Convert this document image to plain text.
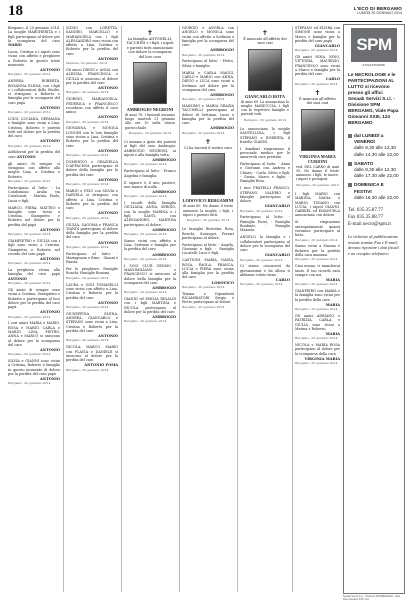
18	L'ECO DI BERGAMO
LUNEDÌ 20 GENNAIO 2014
Bergamo, il 20 gennaio 2014. La moglie MARGHERITA e i figli partecipano al dolore per la scomparsa del caro MARIO
Lucia, Cristina e i nipoti sono vicini con affetto e preghiere a Roberto in questo triste momento.
ANTONIO
Bergamo, 20 gennaio 2014
ANDREA ROBERTA, ROSANNA ELENA, con i figli e i collaboratori dello Studio, si stringono a Roberto e famiglia per la scomparsa del caro papà
ANTONIO
Bergamo, 20 gennaio 2014
LUIGI, LUCIANA, GERMANA e famiglie sono vicini a Lina, Cristina, Roberto e parenti tutti nel dolore per la perdita del caro
ANTONIO
Bergamo, 20 gennaio 2014
Addolorati per la perdita del caro ANTONIO
gli amici di sempre si stringono con affetto alla moglie Lina, a Cristina e Roberto.
Bergamo, 20 gennaio 2014
Partecipano al lutto: - La Condominio Aralia via Cavalcanti; - Marina, Paolo, Lucia e figli.
MARCO, PIERA, MATTEO e famiglie sono vicini a Cristina, Giampietro e Roberto nel dolore per la perdita del papà
ANTONIO
Bergamo, 20 gennaio 2014
GIAMPIETRO e GIULIA con i figli sono vicini a Cristina, Giampietro e Roberto nel ricordo del caro papà
ANTONIO
Bergamo, 20 gennaio 2014
La preghiera vicina alla famiglia del caro papà ANTONIO
Bergamo, 20 gennaio 2014
Gli amici di sempre sono vicini a Cristina, Giampietro e Roberto e partecipano al loro dolore per la perdita del caro papà
ANTONIO
Bergamo, 20 gennaio 2014
I cari amici MARIA e MARIO, ROSA e MARIO, CARLA e MARIO, LINA, PIETRO, ANNA e MARCO si uniscono al dolore per la scomparsa del caro
ANTONIO
Bergamo, 20 gennaio 2014
SILVIA e GIANNI sono vicini a Cristina, Roberto e famiglie in questo momento di dolore per la perdita del caro papà
ANTONIO
Bergamo, 20 gennaio 2014
SILVIO con LORETTA, SANDRO, MARCELLO e MARIANGELA con i figli ALESSANDRO sono vicini con affetto a Lina, Cristina e Roberto per la perdita del caro
ANTONIO
Madone, 20 gennaio 2014
Gli amici DIEGO e ANNA con ALESSIA, FRANCESCA e GIULIA si uniscono al dolore per la perdita del caro
ANTONIO
Bergamo, 20 gennaio 2014
GIORGIO, MARIANGELA, FEDERICA e FRANCESCO ricordano con affetto il caro amico
ANTONIO
Bergamo, 20 gennaio 2014
GIOVANNA e MONICA LONGHI con le loro famiglie sono vicine a Lina, Cristina e Roberto per la perdita del caro
ANTONIO
Bergamo, 20 gennaio 2014
DOMENICO e GRAZIELLA D'AFFACENA partecipano al dolore della famiglia per la perdita del caro
ANTONIO
Bergamo, 20 gennaio 2014
MARIO e FELY con SILVIA e DANIELA si stringono con affetto a Lina, Cristina e Roberto per la perdita del caro
ANTONIO
Bergamo, 20 gennaio 2014
GIULIA, SAGOMA e FRANCA TIANDI partecipano al dolore della famiglia per la perdita del caro
ANTONIO
Bergamo, 20 gennaio 2014
Partecipano al lutto: - Mariagrazia e Rino; - Gianni e Fausta.
Per le preghiere: Famiglie Ronchi; Famiglie Bonomi.
Bergamo, 20 gennaio 2014
LAURA e GIGI TOMASELLI sono vicini con affetto a Lina, Cristina e Roberto per la perdita del caro
ANTONIO
Bergamo, 20 gennaio 2014
GIUSEPPINA ELENA, ANDREA, GIANCARLO e STEFANO sono vicini a Lina, Cristina e Roberto per la perdita del caro
ANTONIO
Bergamo, 20 gennaio 2014
NICOLA, MARCO, MARIO con FLAVIA e DANIELE si uniscono al dolore per la perdita del caro
ANTONIO FOMA
Bergamo, 20 gennaio 2014
✝
La famiglia ANTONELLI, TACCHINI e i figli, i nipoti e parenti tutti annunciano con dolore la scomparsa del loro caro
AMBROGIO NEGRONI
di anni 78. I funerali avranno luogo martedì 21 gennaio alle ore 10 nella chiesa parrocchiale.
Bergamo, 20 gennaio 2014
Ci uniamo a gioia dei parenti ai figli del caro Ambrogio: AMBROGIO NEGRONI, ai nipoti e alla famiglia tutta.
AMBROGIO
Bergamo, 20 gennaio 2014
Partecipano al lutto: - Franco Angelini e famiglia.
Il signore è il mio pastore, non manco di nulla.
AMBROGIO
Bergamo, 20 gennaio 2014
I ricordi della famiglia GIULIANA, ANNA, SERGIO, con la moglie MARINA e i figli SANTI, con ALESSANDRO, MARTINA partecipano al dolore.
AMBROGIO
Bergamo, 20 gennaio 2014
Siamo vicini con affetto a Lina, Settimia e famiglia per la perdita del caro
AMBROGIO
Bergamo, 20 gennaio 2014
I SOCI CLUB GROMO - MASSIMILIANO e FRANCESCO si uniscono al dolore della famiglia per la scomparsa del caro
AMBROGIO
Bergamo, 20 gennaio 2014
GIANNI ed EMILIA RINALDI con i figli MARTINA e NICOLA partecipano al dolore per la perdita del caro
AMBROGIO
Bergamo, 20 gennaio 2014
GIORGIO e ANGELA con ANGELO e MONICA sono vicini con affetto a Settimia e famiglia per la scomparsa del caro
AMBROGIO
Bergamo, 20 gennaio 2014
Partecipano al lutto: - Pietro, Silvia e famiglie.
MARIA e CARLA MAGGI, CARLO e MARIO con ANNA, DIEGO e LUCA sono vicini a Settimia nel dolore per la scomparsa del caro
AMBROGIO
Bergamo, 20 gennaio 2014
MASSIMO e MARIA GRAZIA TACCHELLI partecipano al dolore di Settimia, Lucio e famiglia per la perdita del caro
AMBROGIO
Bergamo, 20 gennaio 2014
✝
Ci ha lasciati il nostro caro
LODOVICO BERGAMINI
di anni 80. Ne danno il triste annuncio la moglie, i figli, i nipoti e parenti tutti.
Bergamo, 20 gennaio 2014
Le famiglie Bertolini, Rota, Ronchi, Sonzogni, Ferrari partecipano al dolore.
Partecipano al lutto: - Angela, Giovanni e figli; - Famiglia Locatelli, Luca e figli.
CASTIONI, MARIA, NADIA, ROSA, PAOLA, FRANCA, LUCIA e PIERA sono vicine alla famiglia per la perdita del caro
LODOVICO
Bergamo, 20 gennaio 2014
Tiziana e Dipendenti RICAMBIATORI Sergio e Pietro partecipano al dolore.
Bergamo, 20 gennaio 2014
✝
È mancato all'affetto dei suoi cari
GIANCARLO ROTA
di anni 69. Lo annunciano la moglie MARIUCCIA, i figli con le rispettive famiglie e parenti tutti.
Bergamo, 20 gennaio 2014
Lo annunciano la moglie SANTELLINA, i figli STEFANO e ROBERTA, il fratello GIANNI.
I familiari ringraziano il personale medico per le amorevoli cure prestate.
Partecipano al lutto: - Anna e Giovanni con Andrea e Chiara; - Carla, Silvio e figli; - Cinzia, Marco e figlie; - Famiglie Rota.
I tuoi FRATELLI FRANCO, STEFANO, VALERIO e famiglie partecipano al dolore.
GIANCARLO
Bergamo, 20 gennaio 2014
Partecipano al lutto: - Famiglia Pozzi; - Famiglia Bonfanti; - Famiglia Mazzola.
ANGELO, la famiglia e i collaboratori partecipano al dolore per la scomparsa del caro
GIANCARLO
Bergamo, 20 gennaio 2014
Ci siamo conosciuti da giovanissimi e da allora ti abbiamo voluto bene.
CARLO
Bergamo, 20 gennaio 2014
STEFANO ed ELVIRA con SIMONE sono vicini a Marco e famiglia per la perdita del caro papà
GIANCARLO
Bergamo, 20 gennaio 2014
Gli amici NINA, NINO, VITTORIA, MAURIZIO, FRANCESCO sono vicini a Marco e famiglia per la perdita del caro
CARLO
Bergamo, 20 gennaio 2014
✝
È mancata all'affetto dei suoi cari
VIRGINIA MARIA CURIONI
ved. DEL CARRO di anni 95. Ne danno il triste annuncio i figli, le nuore, i nipoti e pronipoti.
Bergamo, 20 gennaio 2014
I figli MARIO con MARINA, NADIA e MARIO, TIZIANO con LUCIA, i nipoti GIANNI, GABRIEL ed EMANUELA annunciano con dolore.
Si ringraziano anticipatamente quanti vorranno partecipare al lutto.
Bergamo, 20 gennaio 2014
Siamo vicini a Marina e Roberto per la perdita della cara mamma.
Bergamo, 20 gennaio 2014
Ciao nonna, ci mancherai tanto. Il tuo ricordo sarà sempre con noi.
MARIA
Bergamo, 20 gennaio 2014
GIANPIERO con MARIA e la famiglia sono vicini per la perdita della cara
MARIA
Bergamo, 20 gennaio 2014
Gli amici ADRIANO e PATRIZIA, CARLA e GIULIA sono vicini a Marina e Roberto.
MARIA
Bergamo, 20 gennaio 2014
NICOLA e MARIA ROSA partecipano al dolore per la scomparsa della cara
VIRGINIA MARIA
Bergamo, 20 gennaio 2014
SPM
ESSEPIEMME
Le NECROLOGIE e le PARTECIPAZIONI AL LUTTO si ricevono presso gli uffici Sesaab Servizi S.r.l. - Divisione SPM BERGAMO, Viale Papa Giovanni XXIII, 124 BERGAMO
dal LUNEDÌ a VENERDÌ
dalle 8,30 alle 12,30 dalle 14,30 alle 22,00
SABATO
dalle 8,30 alle 12,30 dalle 17,30 alle 22,00
DOMENICA E FESTIVI
dalle 16,30 alle 22,00
Tel. 035.35.87.77
Fax 035.35.88.77
E-mail necro@spm.it
Le richieste di pubblicazione inviate tramite Fax e E-mail, devono riportare i dati fiscali e un recapito telefonico
Sesaab Servizi S.r.l. - Divisione SPM BERGAMO - Viale
